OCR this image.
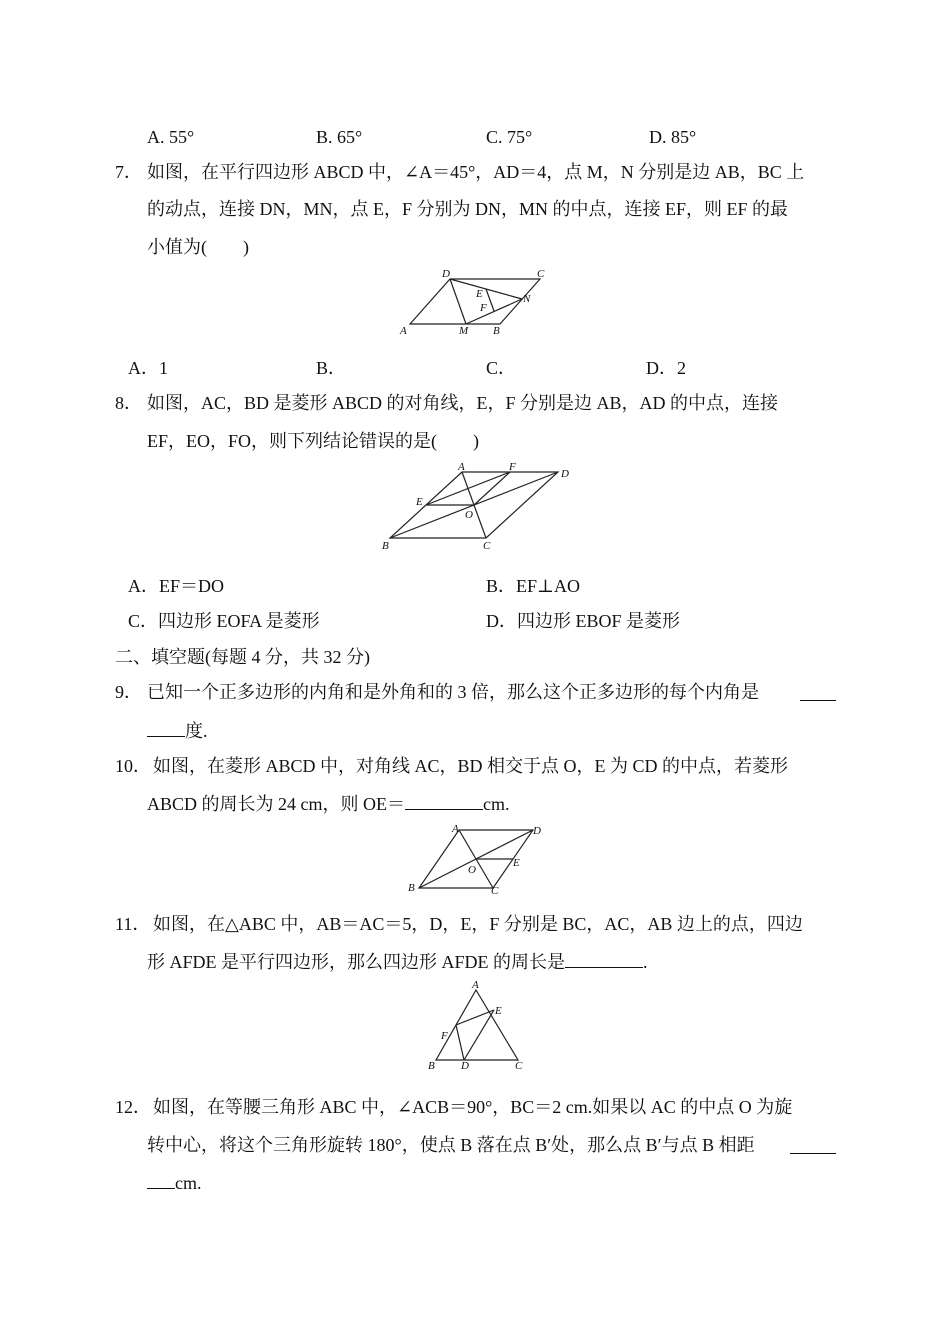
A. 55°	B. 65°	C. 75°	D. 85°
7． 如图，在平行四边形 ABCD 中，∠A＝45°，AD＝4，点 M，N 分别是边 AB，BC 上
的动点，连接 DN，MN，点 E，F 分别为 DN，MN 的中点，连接 EF，则 EF 的最
小值为(　　)
A	B
C
D
E
F
M
N
A．1	B．	C．	D．2
8． 如图，AC，BD 是菱形 ABCD 的对角线，E，F 分别是边 AB，AD 的中点，连接
EF，EO，FO，则下列结论错误的是(　　)
A
B	C
D
E
F
O
A．EF＝DO	B．EF⊥AO
C．四边形 EOFA 是菱形	D．四边形 EBOF 是菱形
二、填空题(每题 4 分，共 32 分)
9． 已知一个正多边形的内角和是外角和的 3 倍，那么这个正多边形的每个内角是
度.
10． 如图，在菱形 ABCD 中，对角线 AC，BD 相交于点 O，E 为 CD 的中点，若菱形
ABCD 的周长为 24 cm，则 OE＝	cm.
A
B	C
D
E
O
11． 如图，在△ABC 中，AB＝AC＝5，D，E，F 分别是 BC，AC，AB 边上的点，四边
形 AFDE 是平行四边形，那么四边形 AFDE 的周长是	.
A
B	C
D
E
F
12． 如图，在等腰三角形 ABC 中，∠ACB＝90°，BC＝2 cm.如果以 AC 的中点 O 为旋
转中心，将这个三角形旋转 180°，使点 B 落在点 B′处，那么点 B′与点 B 相距
cm.
